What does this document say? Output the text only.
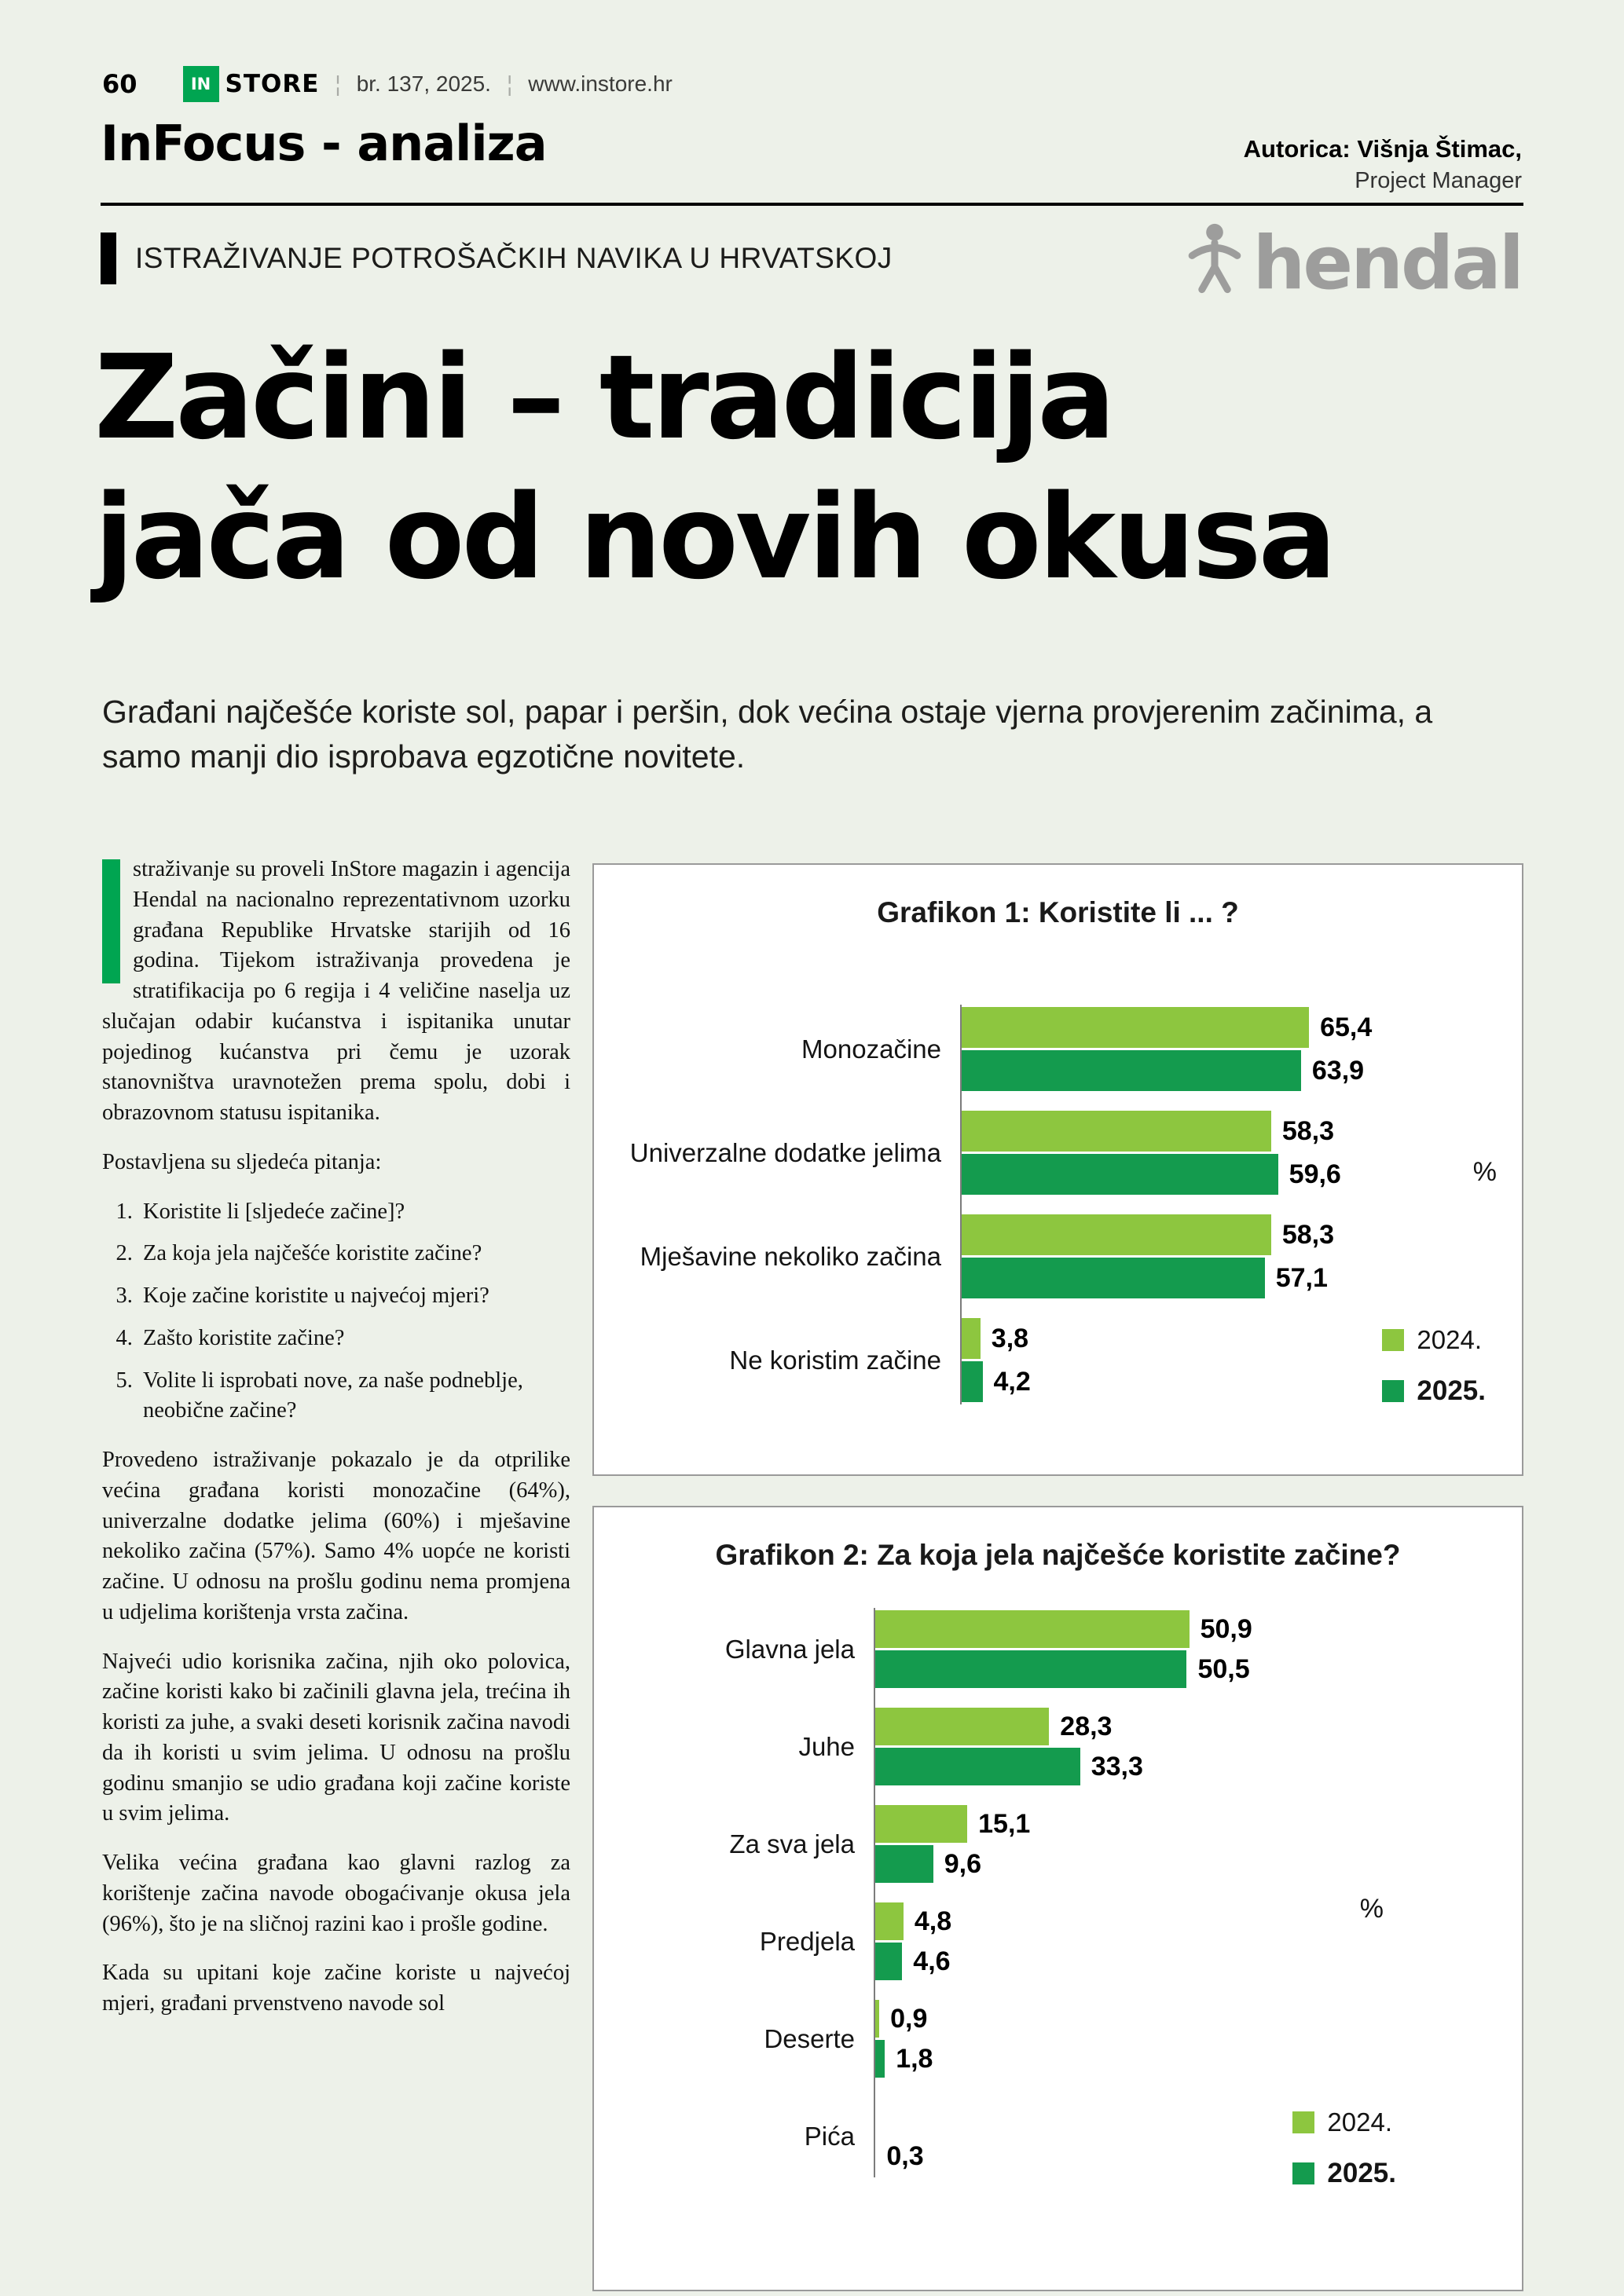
60	IN STORE ¦ br. 137, 2025. ¦ www.instore.hr
InFocus - analiza	Autorica: Višnja Štimac,
Project Manager
ISTRAŽIVANJE POTROŠAČKIH NAVIKA U HRVATSKOJ	hendal
Začini – tradicija
jača od novih okusa

Građani najčešće koriste sol, papar i peršin, dok većina ostaje vjerna provjerenim začinima, a samo manji dio isprobava egzotične novitete.

straživanje su proveli InStore magazin i agencija Hendal na nacionalno reprezentativnom uzorku građana Republike Hrvatske starijih od 16 godina. Tijekom istraživanja provedena je stratifikacija po 6 regija i 4 veličine naselja uz slučajan odabir kućanstva i ispitanika unutar pojedinog kućanstva pri čemu je uzorak stanovništva uravnotežen prema spolu, dobi i obrazovnom statusu ispitanika.

Postavljena su sljedeća pitanja:

1. Koristite li [sljedeće začine]?
2. Za koja jela najčešće koristite začine?
3. Koje začine koristite u najvećoj mjeri?
4. Zašto koristite začine?
5. Volite li isprobati nove, za naše podneblje, neobične začine?

Provedeno istraživanje pokazalo je da otprilike većina građana koristi monozačine (64%), univerzalne dodatke jelima (60%) i mješavine nekoliko začina (57%). Samo 4% uopće ne koristi začine. U odnosu na prošlu godinu nema promjena u udjelima korištenja vrsta začina.

Najveći udio korisnika začina, njih oko polovica, začine koristi kako bi začinili glavna jela, trećina ih koristi za juhe, a svaki deseti korisnik začina navodi da ih koristi u svim jelima. U odnosu na prošlu godinu smanjio se udio građana koji začine koriste u svim jelima.

Velika većina građana kao glavni razlog za korištenje začina navode obogaćivanje okusa jela (96%), što je na sličnoj razini kao i prošle godine.

Kada su upitani koje začine koriste u najvećoj mjeri, građani prvenstveno navode sol

Grafikon 1: Koristite li ... ?
Monozačine
65,4
63,9
Univerzalne dodatke jelima
58,3
59,6
Mješavine nekoliko začina
58,3
57,1
Ne koristim začine
3,8
4,2
%
2024.
2025.
Grafikon 2: Za koja jela najčešće koristite začine?
Glavna jela
50,9
50,5
Juhe
28,3
33,3
Za sva jela
15,1
9,6
Predjela
4,8
4,6
Deserte
0,9
1,8
Pića
0,3
%
2024.
2025.
